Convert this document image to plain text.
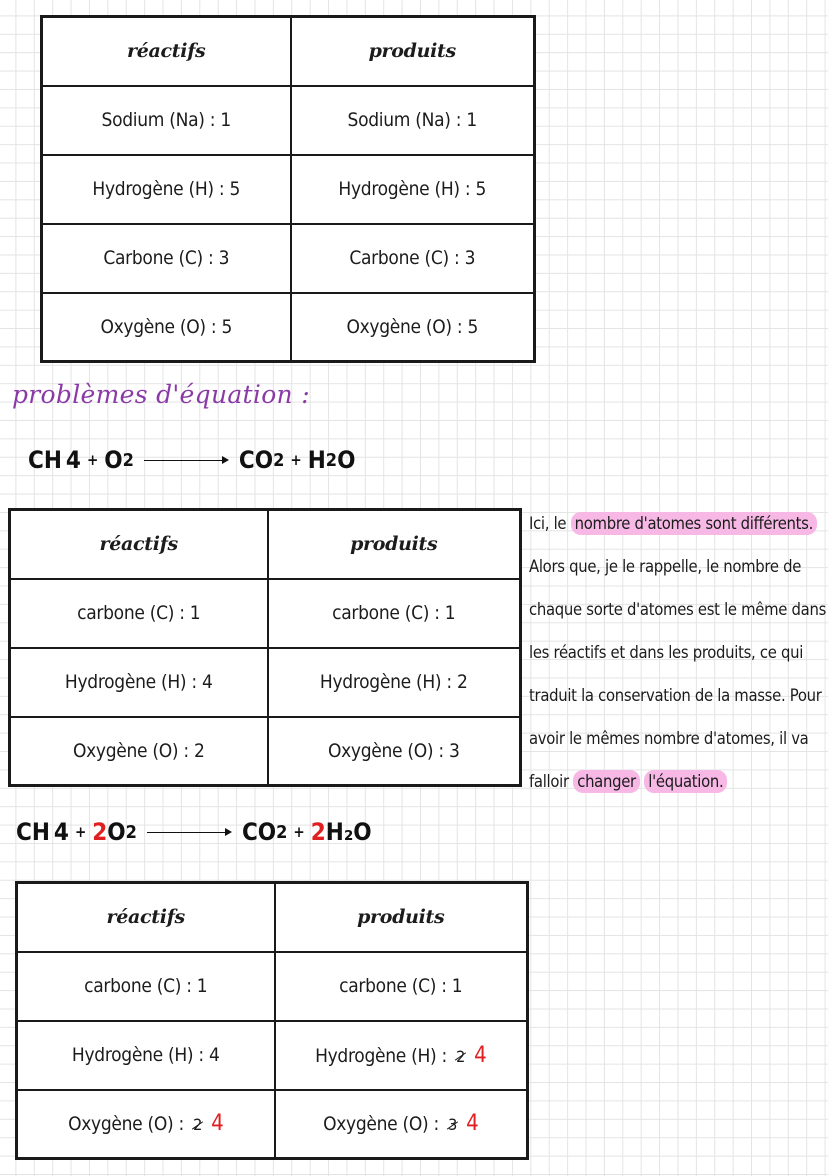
réactifs	produits
Sodium (Na) : 1	Sodium (Na) : 1
Hydrogène (H) : 5	Hydrogène (H) : 5
Carbone (C) : 3	Carbone (C) : 3
Oxygène (O) : 5	Oxygène (O) : 5
problèmes d'équation :
CH 4 + O 2	CO 2 + H 2 O
réactifs	produits
carbone (C) : 1	carbone (C) : 1
Hydrogène (H) : 4	Hydrogène (H) : 2
Oxygène (O) : 2	Oxygène (O) : 3

Ici, le nombre d'atomes sont différents. Alors que, je le rappelle, le nombre de chaque sorte d'atomes est le même dans les réactifs et dans les produits, ce qui traduit la conservation de la masse. Pour avoir le mêmes nombre d'atomes, il va falloir changer l'équation.

CH 4 + 2 O 2	CO 2 + 2 H₂O
réactifs	produits
carbone (C) : 1	carbone (C) : 1
Hydrogène (H) : 4	Hydrogène (H) : 2 4
Oxygène (O) : 2 4	Oxygène (O) : 3 4
